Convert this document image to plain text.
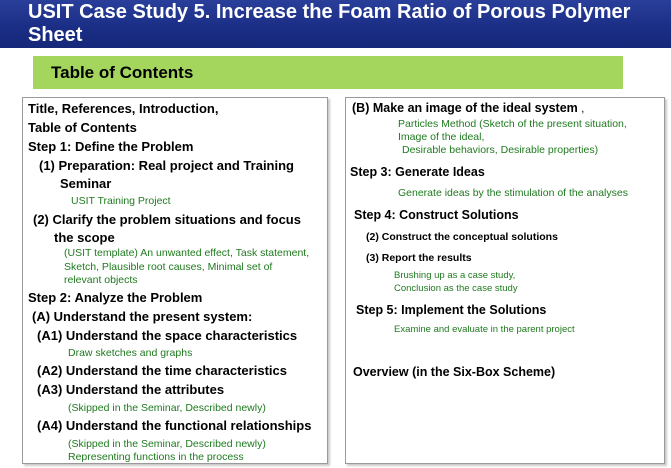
USIT Case Study 5. Increase the Foam Ratio of Porous Polymer Sheet
Table of Contents
Title, References, Introduction,
Table of Contents
Step 1: Define the Problem
(1) Preparation: Real project and Training
Seminar
USIT Training Project
(2) Clarify the problem situations and focus
the scope
(USIT template) An unwanted effect, Task statement,
Sketch, Plausible root causes, Minimal set of
relevant objects
Step 2: Analyze the Problem
(A) Understand the present system:
(A1) Understand the space characteristics
Draw sketches and graphs
(A2) Understand the time characteristics
(A3) Understand the attributes
(Skipped in the Seminar, Described newly)
(A4) Understand the functional relationships
(Skipped in the Seminar, Described newly)
Representing functions in the process
(B) Make an image of the ideal system ,
Particles Method (Sketch of the present situation,
Image of the ideal,
Desirable behaviors, Desirable properties)
Step 3: Generate Ideas
Generate ideas by the stimulation of the analyses
Step 4: Construct Solutions
(2) Construct the conceptual solutions
(3) Report the results
Brushing up as a case study,
Conclusion as the case study
Step 5: Implement the Solutions
Examine and evaluate in the parent project
Overview (in the Six-Box Scheme)
